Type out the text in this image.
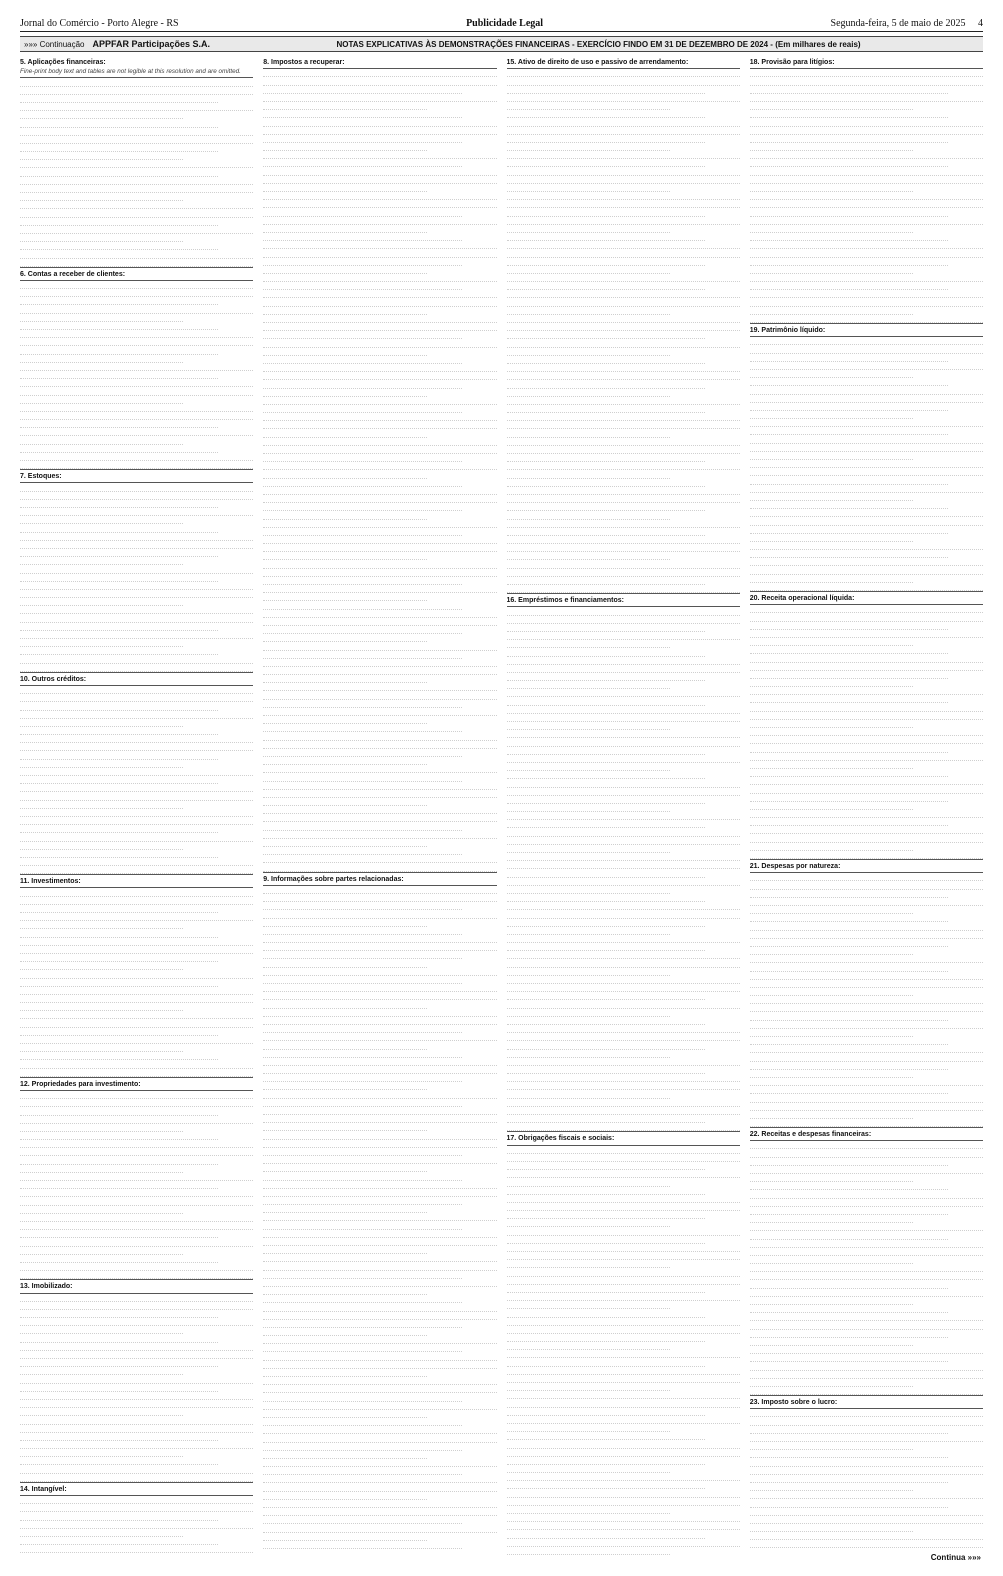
Jornal do Comércio - Porto Alegre - RS	Publicidade Legal	Segunda-feira, 5 de maio de 2025 4
»»» Continuação APPFAR Participações S.A.	NOTAS EXPLICATIVAS ÀS DEMONSTRAÇÕES FINANCEIRAS - EXERCÍCIO FINDO EM 31 DE DEZEMBRO DE 2024 - (Em milhares de reais)
5. Aplicações financeiras:
Fine-print body text and tables are not legible at this resolution and are omitted.
6. Contas a receber de clientes:
7. Estoques:
10. Outros créditos:
11. Investimentos:
12. Propriedades para investimento:
13. Imobilizado:
14. Intangível:
8. Impostos a recuperar:
9. Informações sobre partes relacionadas:
15. Ativo de direito de uso e passivo de arrendamento:
16. Empréstimos e financiamentos:
17. Obrigações fiscais e sociais:
18. Provisão para litígios:
19. Patrimônio líquido:
20. Receita operacional líquida:
21. Despesas por natureza:
22. Receitas e despesas financeiras:
23. Imposto sobre o lucro:
Continua »»»
